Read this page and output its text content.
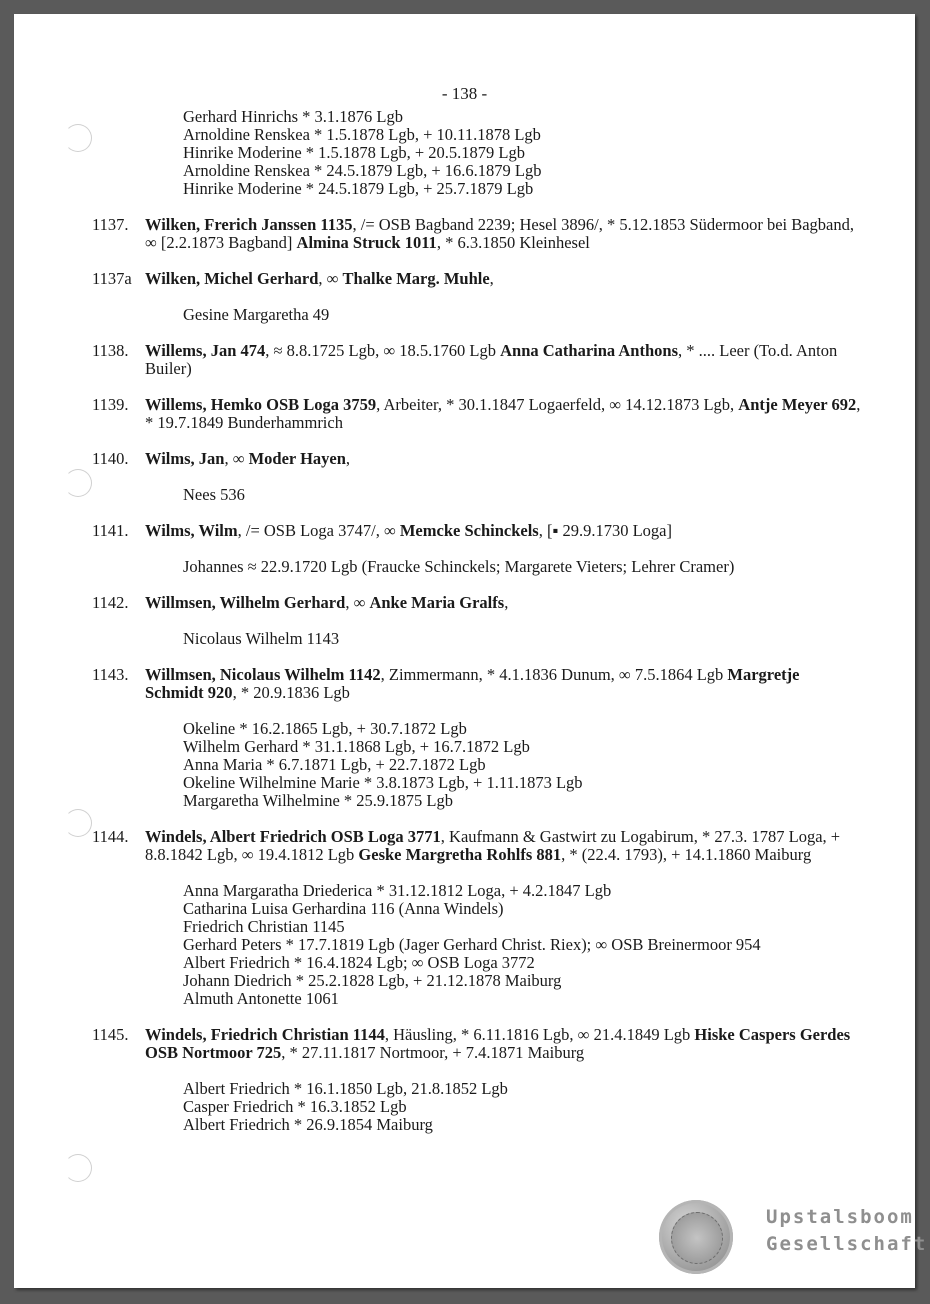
- 138 -
Gerhard Hinrichs * 3.1.1876 Lgb
Arnoldine Renskea * 1.5.1878 Lgb, + 10.11.1878 Lgb
Hinrike Moderine * 1.5.1878 Lgb, + 20.5.1879 Lgb
Arnoldine Renskea * 24.5.1879 Lgb, + 16.6.1879 Lgb
Hinrike Moderine * 24.5.1879 Lgb, + 25.7.1879 Lgb
1137. Wilken, Frerich Janssen 1135, /= OSB Bagband 2239; Hesel 3896/, * 5.12.1853 Südermoor bei Bagband, ∞ [2.2.1873 Bagband] Almina Struck 1011, * 6.3.1850 Kleinhesel
1137a Wilken, Michel Gerhard, ∞ Thalke Marg. Muhle,
Gesine Margaretha 49
1138. Willems, Jan 474, ≈ 8.8.1725 Lgb, ∞ 18.5.1760 Lgb Anna Catharina Anthons, * .... Leer (To.d. Anton Builer)
1139. Willems, Hemko OSB Loga 3759, Arbeiter, * 30.1.1847 Logaerfeld, ∞ 14.12.1873 Lgb, Antje Meyer 692, * 19.7.1849 Bunderhammrich
1140. Wilms, Jan, ∞ Moder Hayen,
Nees 536
1141. Wilms, Wilm, /= OSB Loga 3747/, ∞ Memcke Schinckels, [▪ 29.9.1730 Loga]
Johannes ≈ 22.9.1720 Lgb (Fraucke Schinckels; Margarete Vieters; Lehrer Cramer)
1142. Willmsen, Wilhelm Gerhard, ∞ Anke Maria Gralfs,
Nicolaus Wilhelm 1143
1143. Willmsen, Nicolaus Wilhelm 1142, Zimmermann, * 4.1.1836 Dunum, ∞ 7.5.1864 Lgb Margretje Schmidt 920, * 20.9.1836 Lgb
Okeline * 16.2.1865 Lgb, + 30.7.1872 Lgb
Wilhelm Gerhard * 31.1.1868 Lgb, + 16.7.1872 Lgb
Anna Maria * 6.7.1871 Lgb, + 22.7.1872 Lgb
Okeline Wilhelmine Marie * 3.8.1873 Lgb, + 1.11.1873 Lgb
Margaretha Wilhelmine * 25.9.1875 Lgb
1144. Windels, Albert Friedrich OSB Loga 3771, Kaufmann & Gastwirt zu Logabirum, * 27.3. 1787 Loga, + 8.8.1842 Lgb, ∞ 19.4.1812 Lgb Geske Margretha Rohlfs 881, * (22.4. 1793), + 14.1.1860 Maiburg
Anna Margaratha Driederica * 31.12.1812 Loga, + 4.2.1847 Lgb
Catharina Luisa Gerhardina 116 (Anna Windels)
Friedrich Christian 1145
Gerhard Peters * 17.7.1819 Lgb (Jager Gerhard Christ. Riex); ∞ OSB Breinermoor 954
Albert Friedrich * 16.4.1824 Lgb; ∞ OSB Loga 3772
Johann Diedrich * 25.2.1828 Lgb, + 21.12.1878 Maiburg
Almuth Antonette 1061
1145. Windels, Friedrich Christian 1144, Häusling, * 6.11.1816 Lgb, ∞ 21.4.1849 Lgb Hiske Caspers Gerdes OSB Nortmoor 725, * 27.11.1817 Nortmoor, + 7.4.1871 Maiburg
Albert Friedrich * 16.1.1850 Lgb, 21.8.1852 Lgb
Casper Friedrich * 16.3.1852 Lgb
Albert Friedrich * 26.9.1854 Maiburg
Upstalsboom
Gesellschaft
